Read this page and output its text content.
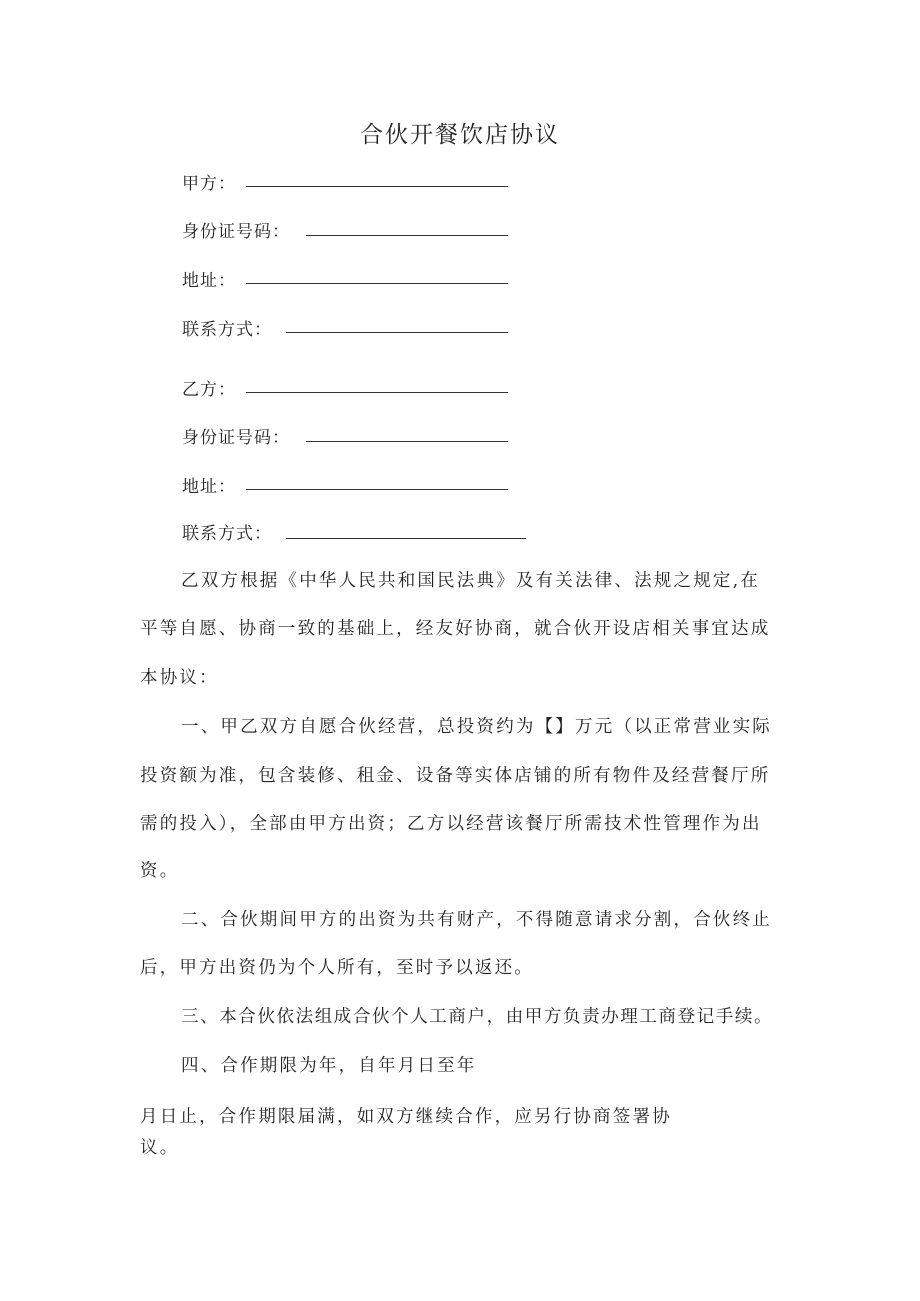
合伙开餐饮店协议
甲方：
身份证号码：
地址：
联系方式：
乙方：
身份证号码：
地址：
联系方式：
乙双方根据《中华人民共和国民法典》及有关法律、法规之规定,在
平等自愿、协商一致的基础上，经友好协商，就合伙开设店相关事宜达成
本协议：
一、甲乙双方自愿合伙经营，总投资约为【】万元（以正常营业实际
投资额为准，包含装修、租金、设备等实体店铺的所有物件及经营餐厅所
需的投入），全部由甲方出资；乙方以经营该餐厅所需技术性管理作为出
资。
二、合伙期间甲方的出资为共有财产，不得随意请求分割，合伙终止
后，甲方出资仍为个人所有，至时予以返还。
三、本合伙依法组成合伙个人工商户，由甲方负责办理工商登记手续。
四、合作期限为年，自年月日至年
月日止，合作期限届满，如双方继续合作，应另行协商签署协
议。
